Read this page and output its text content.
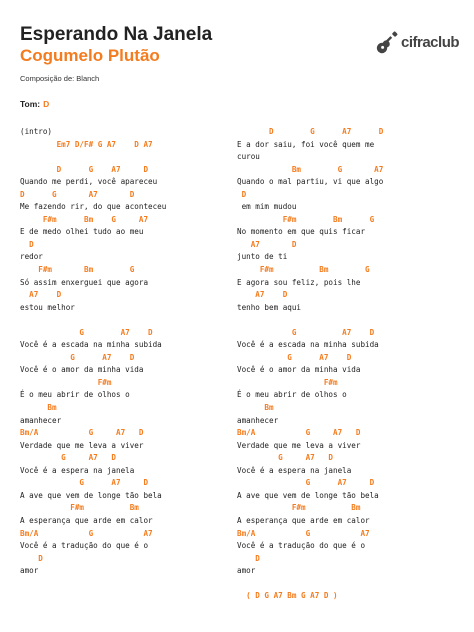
Esperando Na Janela
Cogumelo Plutão
Composição de: Blanch
Tom: D
cifraclub
(intro)
Em7 D/F# G A7    D A7
D      G    A7     D
Quando me perdi, você apareceu
D      G       A7       D
Me fazendo rir, do que aconteceu
F#m      Bm    G     A7
E de medo olhei tudo ao meu
D
redor
F#m       Bm        G
Só assim enxerguei que agora
A7    D
estou melhor
G        A7    D
Você é a escada na minha subida
G      A7    D
Você é o amor da minha vida
F#m
É o meu abrir de olhos o
Bm
amanhecer
Bm/A           G     A7   D
Verdade que me leva a viver
G     A7   D
Você é a espera na janela
G      A7     D
A ave que vem de longe tão bela
F#m          Bm
A esperança que arde em calor
Bm/A           G           A7
Você é a tradução do que é o
D
amor
D        G      A7      D
E a dor saiu, foi você quem me
curou
Bm        G       A7
Quando o mal partiu, vi que algo
D
em mim mudou
F#m        Bm      G
No momento em que quis ficar
A7       D
junto de ti
F#m          Bm        G
E agora sou feliz, pois lhe
A7    D
tenho bem aqui
G          A7    D
Você é a escada na minha subida
G      A7    D
Você é o amor da minha vida
F#m
É o meu abrir de olhos o
Bm
amanhecer
Bm/A           G     A7   D
Verdade que me leva a viver
G     A7   D
Você é a espera na janela
G      A7     D
A ave que vem de longe tão bela
F#m          Bm
A esperança que arde em calor
Bm/A           G           A7
Você é a tradução do que é o
D
amor
( D G A7 Bm G A7 D )
